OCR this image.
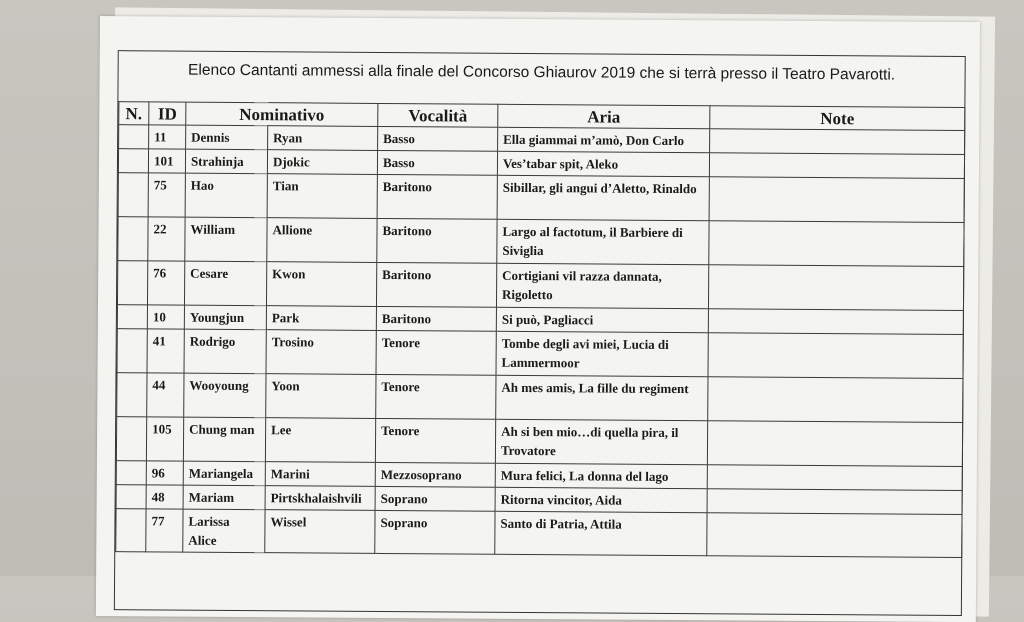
Elenco Cantanti ammessi alla finale del Concorso Ghiaurov 2019 che si terrà presso il Teatro Pavarotti.
N.	ID	Nominativo		Vocalità	Aria	Note
	11	Dennis	Ryan	Basso	Ella giammai m’amò, Don Carlo	
	101	Strahinja	Djokic	Basso	Ves’tabar spit, Aleko	
	75	Hao	Tian	Baritono	Sibillar, gli angui d’Aletto, Rinaldo	
	22	William	Allione	Baritono	Largo al factotum, il Barbiere di Siviglia	
	76	Cesare	Kwon	Baritono	Cortigiani vil razza dannata, Rigoletto	
	10	Youngjun	Park	Baritono	Si può, Pagliacci	
	41	Rodrigo	Trosino	Tenore	Tombe degli avi miei, Lucia di Lammermoor	
	44	Wooyoung	Yoon	Tenore	Ah mes amis, La fille du regiment	
	105	Chung man	Lee	Tenore	Ah si ben mio…di quella pira, il Trovatore	
	96	Mariangela	Marini	Mezzosoprano	Mura felici, La donna del lago	
	48	Mariam	Pirtskhalaishvili	Soprano	Ritorna vincitor, Aida	
	77	Larissa Alice	Wissel	Soprano	Santo di Patria, Attila	
